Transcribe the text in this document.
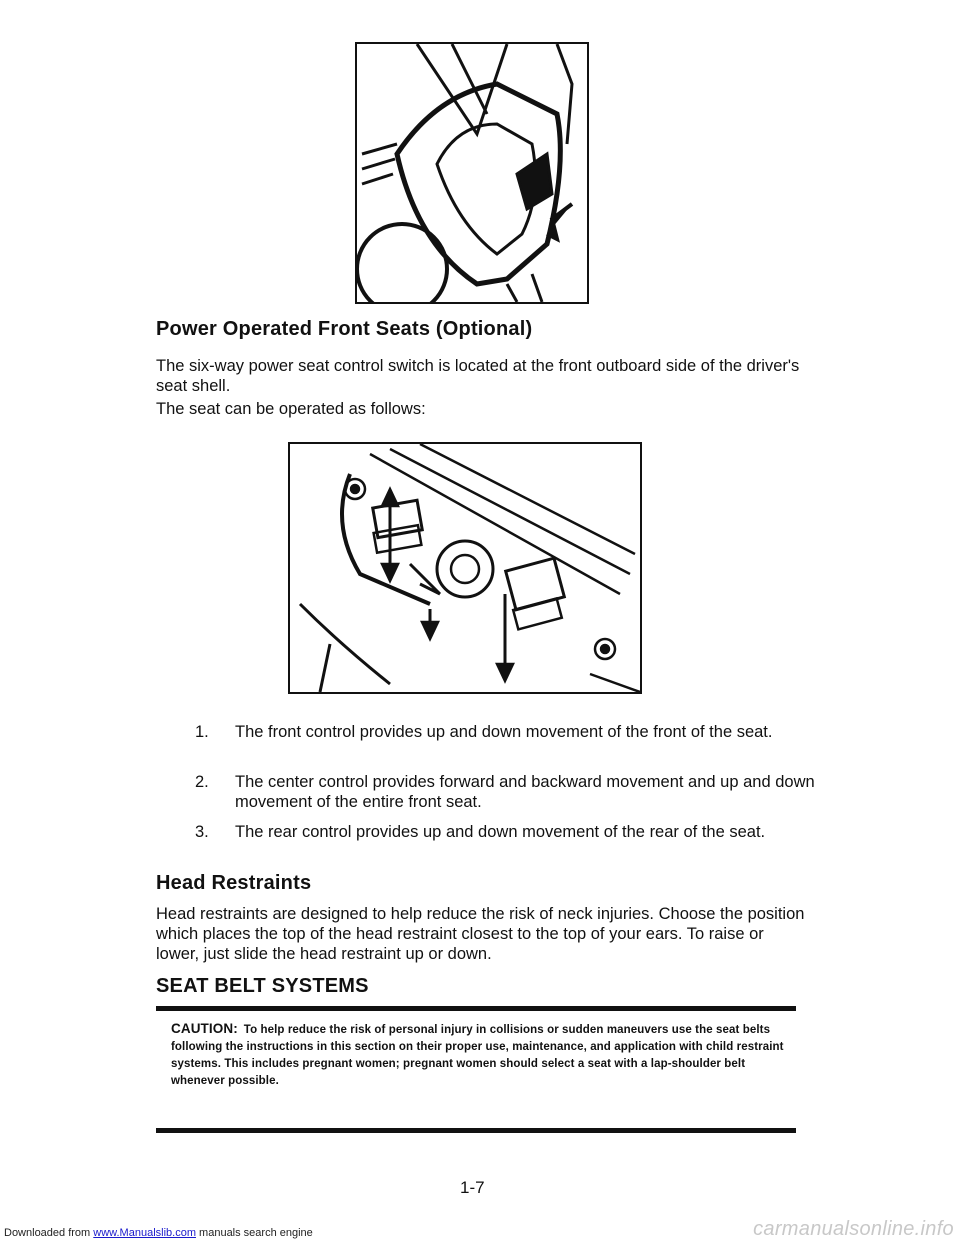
Downloaded from www.Manualslib.com manuals search engine	carmanualsonline.info
Power Operated Front Seats (Optional)
The six-way power seat control switch is located at the front outboard side of the driver's seat shell.
The seat can be operated as follows:
1. The front control provides up and down movement of the front of the seat.
2. The center control provides forward and backward movement and up and down movement of the entire front seat.
3. The rear control provides up and down movement of the rear of the seat.
Head Restraints
Head restraints are designed to help reduce the risk of neck injuries. Choose the position which places the top of the head restraint closest to the top of your ears. To raise or lower, just slide the head restraint up or down.
SEAT BELT SYSTEMS
CAUTION: To help reduce the risk of personal injury in collisions or sudden maneuvers use the seat belts following the instructions in this section on their proper use, maintenance, and application with child restraint systems. This includes pregnant women; pregnant women should select a seat with a lap-shoulder belt whenever possible.
1-7
